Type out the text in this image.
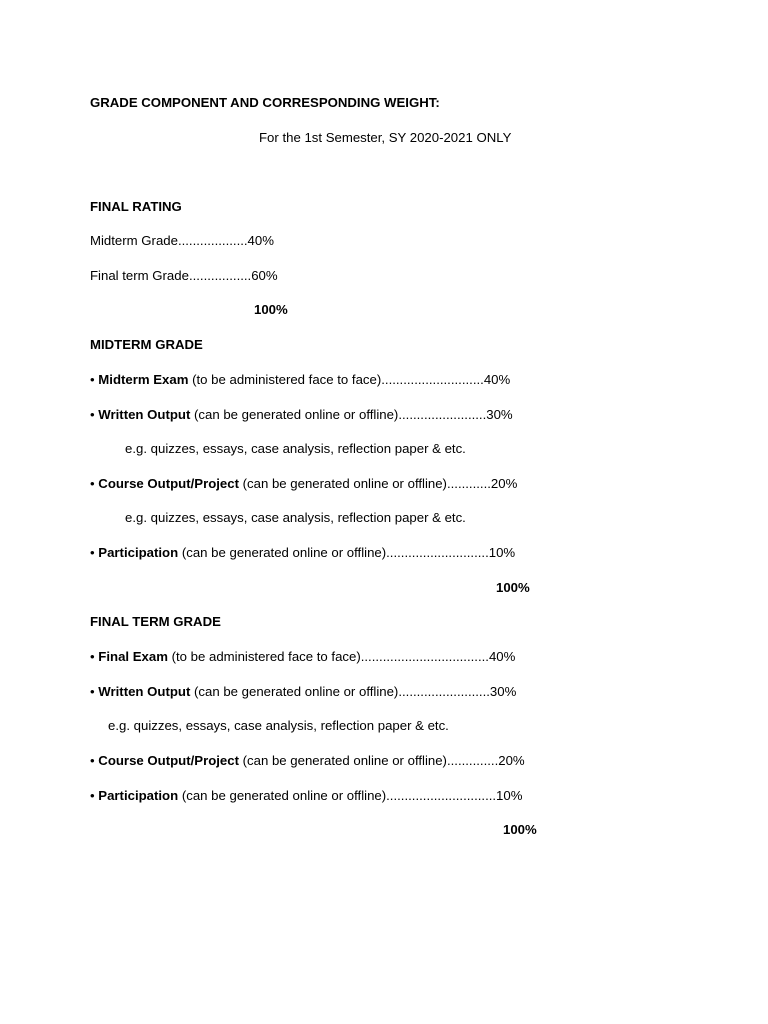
GRADE COMPONENT AND CORRESPONDING WEIGHT:
For the 1st Semester, SY 2020-2021 ONLY
FINAL RATING
Midterm Grade...................40%
Final term Grade.................60%
100%
MIDTERM GRADE
• Midterm Exam (to be administered face to face)............................40%
• Written Output (can be generated online or offline)........................30%
e.g. quizzes, essays, case analysis, reflection paper & etc.
• Course Output/Project (can be generated online or offline)............20%
e.g. quizzes, essays, case analysis, reflection paper & etc.
• Participation (can be generated online or offline)............................10%
100%
FINAL TERM GRADE
• Final Exam (to be administered face to face)...................................40%
• Written Output (can be generated online or offline).........................30%
e.g. quizzes, essays, case analysis, reflection paper & etc.
• Course Output/Project (can be generated online or offline)..............20%
• Participation (can be generated online or offline)..............................10%
100%
